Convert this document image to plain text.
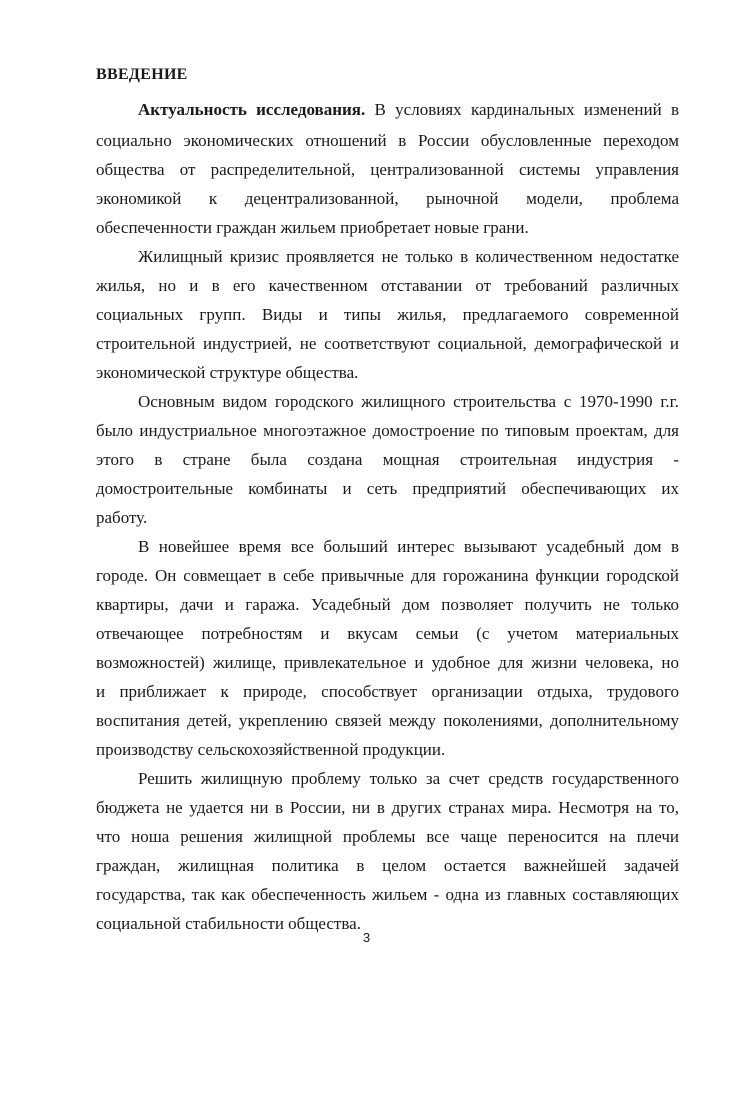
ВВЕДЕНИЕ
Актуальность исследования. В условиях кардинальных изменений в
социально экономических отношений в России обусловленные переходом
общества от распределительной, централизованной системы управления
экономикой к децентрализованной, рыночной модели, проблема
обеспеченности граждан жильем приобретает новые грани.
Жилищный кризис проявляется не только в количественном недостатке
жилья, но и в его качественном отставании от требований различных
социальных групп. Виды и типы жилья, предлагаемого современной
строительной индустрией, не соответствуют социальной, демографической и
экономической структуре общества.
Основным видом городского жилищного строительства с 1970-1990 г.г.
было индустриальное многоэтажное домостроение по типовым проектам, для
этого в стране была создана мощная строительная индустрия -
домостроительные комбинаты и сеть предприятий обеспечивающих их
работу.
В новейшее время все больший интерес вызывают усадебный дом в
городе. Он совмещает в себе привычные для горожанина функции городской
квартиры, дачи и гаража. Усадебный дом позволяет получить не только
отвечающее потребностям и вкусам семьи (с учетом материальных
возможностей) жилище, привлекательное и удобное для жизни человека, но
и приближает к природе, способствует организации отдыха, трудового
воспитания детей, укреплению связей между поколениями, дополнительному
производству сельскохозяйственной продукции.
Решить жилищную проблему только за счет средств государственного
бюджета не удается ни в России, ни в других странах мира. Несмотря на то,
что ноша решения жилищной проблемы все чаще переносится на плечи
граждан, жилищная политика в целом остается важнейшей задачей
государства, так как обеспеченность жильем - одна из главных составляющих
социальной стабильности общества.
3
